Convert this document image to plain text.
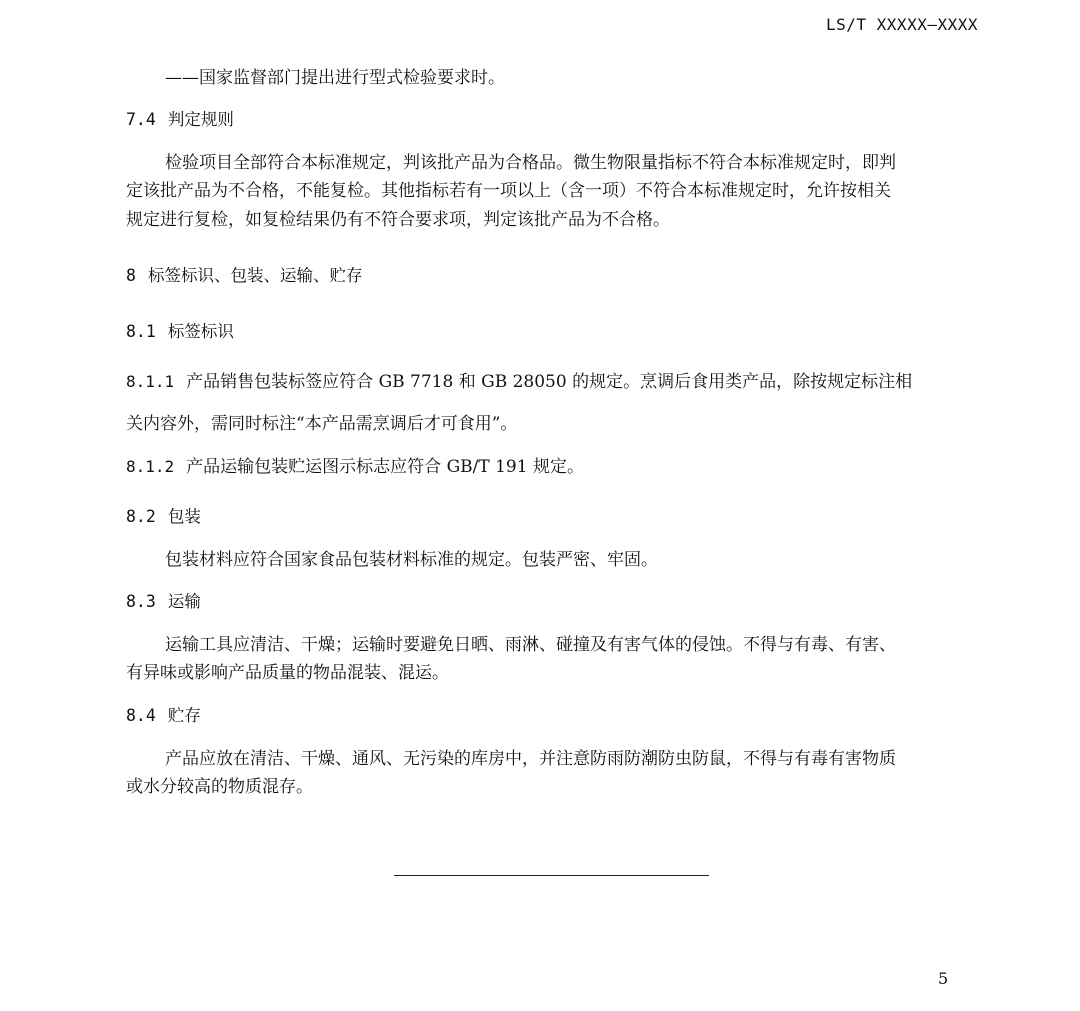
LS/T XXXXX—XXXX
——国家监督部门提出进行型式检验要求时。
7.4 判定规则
检验项目全部符合本标准规定，判该批产品为合格品。微生物限量指标不符合本标准规定时，即判
定该批产品为不合格，不能复检。其他指标若有一项以上（含一项）不符合本标准规定时，允许按相关
规定进行复检，如复检结果仍有不符合要求项，判定该批产品为不合格。
8 标签标识、包装、运输、贮存
8.1 标签标识
8.1.1 产品销售包装标签应符合 GB 7718 和 GB 28050 的规定。烹调后食用类产品，除按规定标注相
关内容外，需同时标注“本产品需烹调后才可食用”。
8.1.2 产品运输包装贮运图示标志应符合 GB/T 191 规定。
8.2 包装
包装材料应符合国家食品包装材料标准的规定。包装严密、牢固。
8.3 运输
运输工具应清洁、干燥；运输时要避免日晒、雨淋、碰撞及有害气体的侵蚀。不得与有毒、有害、
有异味或影响产品质量的物品混装、混运。
8.4 贮存
产品应放在清洁、干燥、通风、无污染的库房中，并注意防雨防潮防虫防鼠，不得与有毒有害物质
或水分较高的物质混存。
5
